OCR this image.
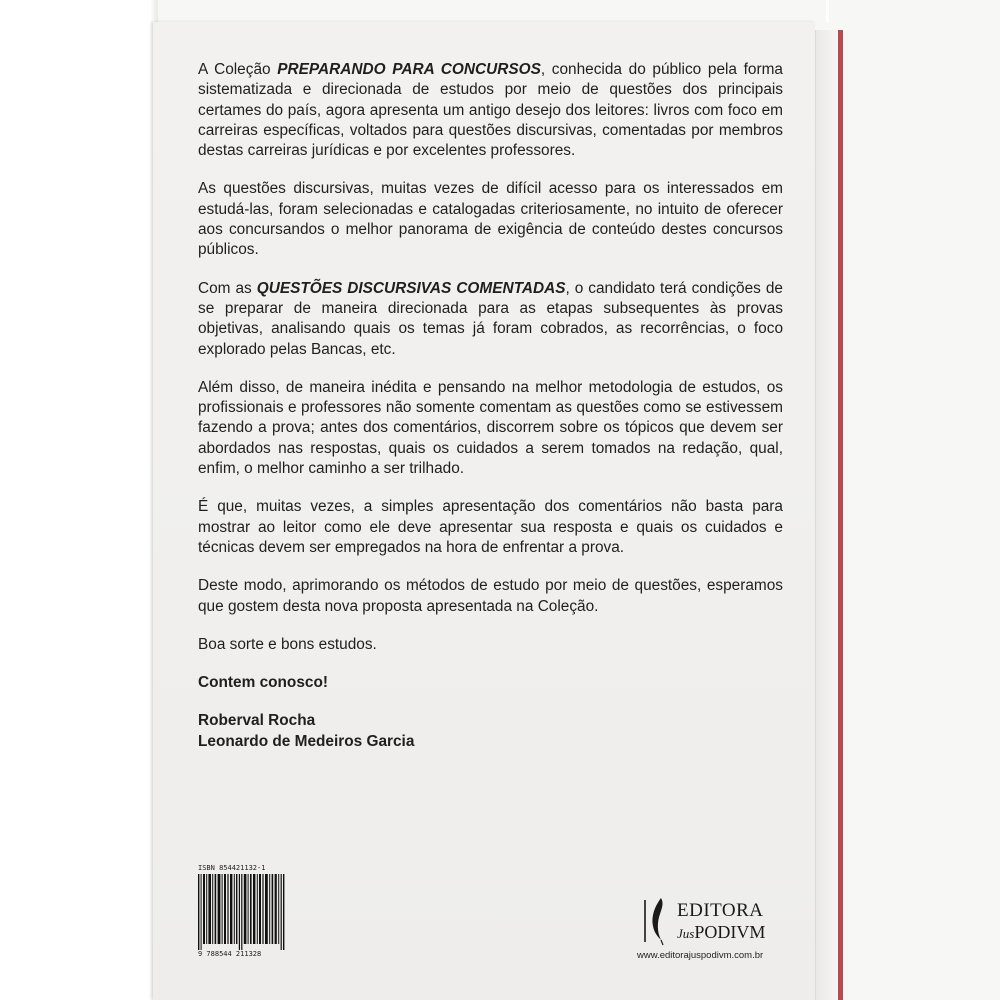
A Coleção PREPARANDO PARA CONCURSOS, conhecida do público pela forma sistematizada e direcionada de estudos por meio de questões dos principais certames do país, agora apresenta um antigo desejo dos leitores: livros com foco em carreiras específicas, voltados para questões discursivas, comentadas por membros destas carreiras jurídicas e por excelentes professores.

As questões discursivas, muitas vezes de difícil acesso para os interessados em estudá-las, foram selecionadas e catalogadas criteriosamente, no intuito de oferecer aos concursandos o melhor panorama de exigência de conteúdo destes concursos públicos.

Com as QUESTÕES DISCURSIVAS COMENTADAS, o candidato terá condições de se preparar de maneira direcionada para as etapas subsequentes às provas objetivas, analisando quais os temas já foram cobrados, as recorrências, o foco explorado pelas Bancas, etc.

Além disso, de maneira inédita e pensando na melhor metodologia de estudos, os profissionais e professores não somente comentam as questões como se estivessem fazendo a prova; antes dos comentários, discorrem sobre os tópicos que devem ser abordados nas respostas, quais os cuidados a serem tomados na redação, qual, enfim, o melhor caminho a ser trilhado.

É que, muitas vezes, a simples apresentação dos comentários não basta para mostrar ao leitor como ele deve apresentar sua resposta e quais os cuidados e técnicas devem ser empregados na hora de enfrentar a prova.

Deste modo, aprimorando os métodos de estudo por meio de questões, esperamos que gostem desta nova proposta apresentada na Coleção.

Boa sorte e bons estudos.

Contem conosco!

Roberval Rocha

Leonardo de Medeiros Garcia

ISBN 854421132-1
9 788544 211328
EDITORA
JusPODIVM
www.editorajuspodivm.com.br
